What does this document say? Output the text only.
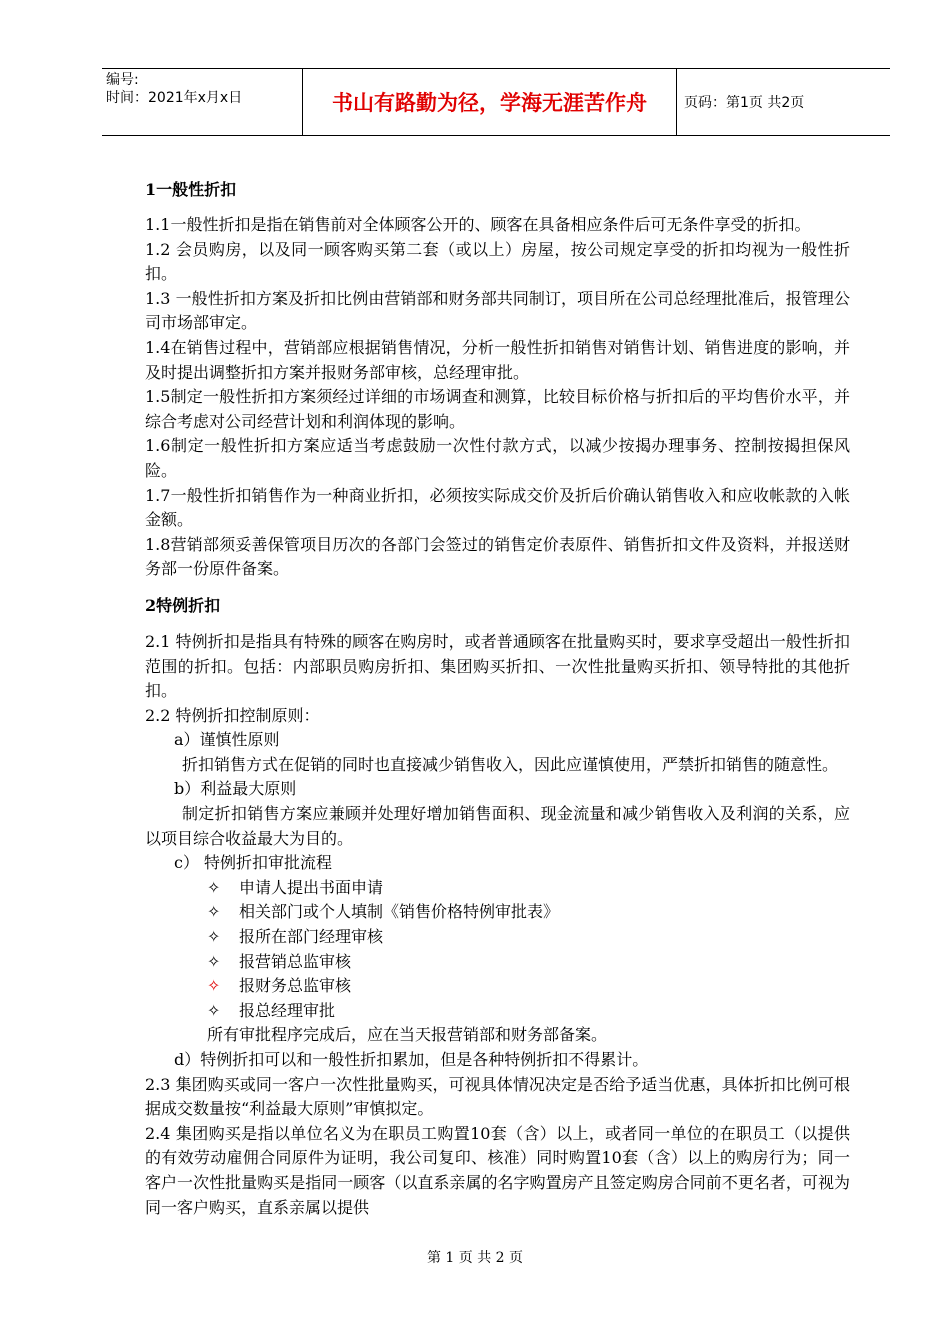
编号:
时间：2021年x月x日	书山有路勤为径，学海无涯苦作舟	页码：第1页 共2页
1一般性折扣

1.1一般性折扣是指在销售前对全体顾客公开的、顾客在具备相应条件后可无条件享受的折扣。

1.2 会员购房，以及同一顾客购买第二套（或以上）房屋，按公司规定享受的折扣均视为一般性折扣。

1.3 一般性折扣方案及折扣比例由营销部和财务部共同制订，项目所在公司总经理批准后，报管理公司市场部审定。

1.4在销售过程中，营销部应根据销售情况，分析一般性折扣销售对销售计划、销售进度的影响，并及时提出调整折扣方案并报财务部审核，总经理审批。

1.5制定一般性折扣方案须经过详细的市场调查和测算，比较目标价格与折扣后的平均售价水平，并综合考虑对公司经营计划和利润体现的影响。

1.6制定一般性折扣方案应适当考虑鼓励一次性付款方式，以减少按揭办理事务、控制按揭担保风险。

1.7一般性折扣销售作为一种商业折扣，必须按实际成交价及折后价确认销售收入和应收帐款的入帐金额。

1.8营销部须妥善保管项目历次的各部门会签过的销售定价表原件、销售折扣文件及资料，并报送财务部一份原件备案。

2特例折扣

2.1 特例折扣是指具有特殊的顾客在购房时，或者普通顾客在批量购买时，要求享受超出一般性折扣范围的折扣。包括：内部职员购房折扣、集团购买折扣、一次性批量购买折扣、领导特批的其他折扣。

2.2 特例折扣控制原则：

a）谨慎性原则

折扣销售方式在促销的同时也直接减少销售收入，因此应谨慎使用，严禁折扣销售的随意性。

b）利益最大原则

制定折扣销售方案应兼顾并处理好增加销售面积、现金流量和减少销售收入及利润的关系，应以项目综合收益最大为目的。

c） 特例折扣审批流程

✧ 申请人提出书面申请

✧ 相关部门或个人填制《销售价格特例审批表》

✧ 报所在部门经理审核

✧ 报营销总监审核

✧ 报财务总监审核

✧ 报总经理审批

所有审批程序完成后，应在当天报营销部和财务部备案。

d）特例折扣可以和一般性折扣累加，但是各种特例折扣不得累计。

2.3 集团购买或同一客户一次性批量购买，可视具体情况决定是否给予适当优惠，具体折扣比例可根据成交数量按“利益最大原则”审慎拟定。

2.4 集团购买是指以单位名义为在职员工购置10套（含）以上，或者同一单位的在职员工（以提供的有效劳动雇佣合同原件为证明，我公司复印、核准）同时购置10套（含）以上的购房行为；同一客户一次性批量购买是指同一顾客（以直系亲属的名字购置房产且签定购房合同前不更名者，可视为同一客户购买，直系亲属以提供

第 1 页 共 2 页
